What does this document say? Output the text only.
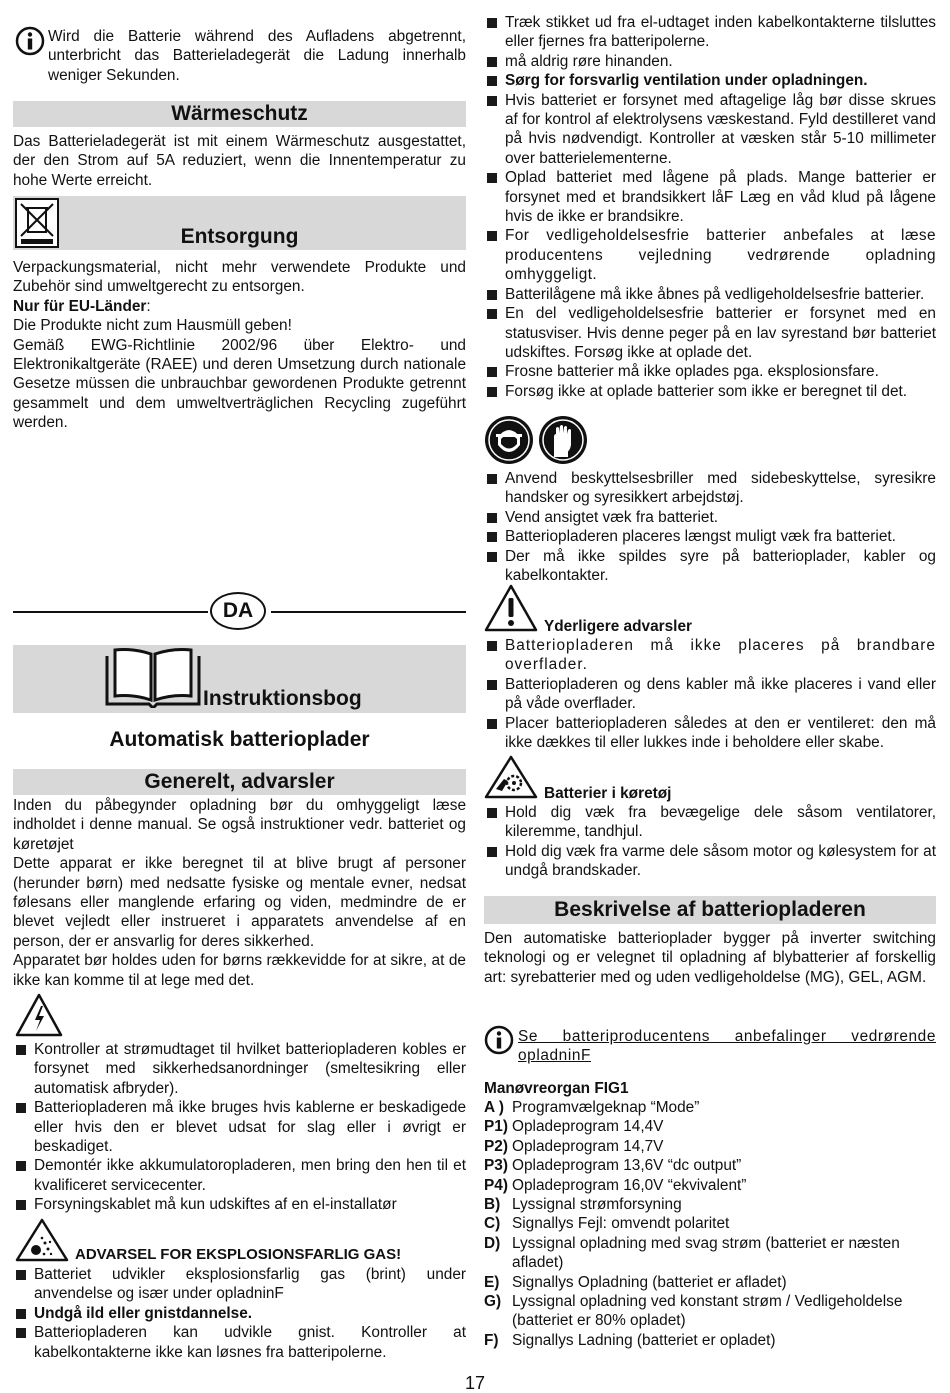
Wird die Batterie während des Aufladens abgetrennt, unterbricht das Batterieladegerät die Ladung innerhalb weniger Sekunden.

Wärmeschutz

Das Batterieladegerät ist mit einem Wärmeschutz ausgestattet, der den Strom auf 5A reduziert, wenn die Innentemperatur zu hohe Werte erreicht.

Entsorgung

Verpackungsmaterial, nicht mehr verwendete Produkte und Zubehör sind umweltgerecht zu entsorgen.

Nur für EU-Länder:

Die Produkte nicht zum Hausmüll geben!

Gemäß EWG-Richtlinie 2002/96 über Elektro- und Elektronikaltgeräte (RAEE) und deren Umsetzung durch nationale Gesetze müssen die unbrauchbar gewordenen Produkte getrennt gesammelt und dem umweltverträglichen Recycling zugeführt werden.

DA
Instruktionsbog
Automatisk batterioplader
Generelt, advarsler

Inden du påbegynder opladning bør du omhyggeligt læse indholdet i denne manual. Se også instruktioner vedr. batteriet og køretøjet

Dette apparat er ikke beregnet til at blive brugt af personer (herunder børn) med nedsatte fysiske og mentale evner, nedsat følesans eller manglende erfaring og viden, medmindre de er blevet vejledt eller instrueret i apparatets anvendelse af en person, der er ansvarlig for deres sikkerhed.

Apparatet bør holdes uden for børns rækkevidde for at sikre, at de ikke kan komme til at lege med det.

Kontroller at strømudtaget til hvilket batteriopladeren kobles er forsynet med sikkerhedsanordninger (smeltesikring eller automatisk afbryder).
Batteriopladeren må ikke bruges hvis kablerne er beskadigede eller hvis den er blevet udsat for slag eller i øvrigt er beskadiget.
Demontér ikke akkumulatoropladeren, men bring den hen til et kvalificeret servicecenter.
Forsyningskablet må kun udskiftes af en el-installatør
ADVARSEL FOR EKSPLOSIONSFARLIG GAS!
Batteriet udvikler eksplosionsfarlig gas (brint) under anvendelse og især under opladninF
Undgå ild eller gnistdannelse.
Batteriopladeren kan udvikle gnist. Kontroller at kabelkontakterne ikke kan løsnes fra batteripolerne.
Træk stikket ud fra el-udtaget inden kabelkontakterne tilsluttes eller fjernes fra batteripolerne.
må aldrig røre hinanden.
Sørg for forsvarlig ventilation under opladningen.
Hvis batteriet er forsynet med aftagelige låg bør disse skrues af for kontrol af elektrolysens væskestand. Fyld destilleret vand på hvis nødvendigt. Kontroller at væsken står 5-10 millimeter over batterielementerne.
Oplad batteriet med lågene på plads. Mange batterier er forsynet med et brandsikkert låF Læg en våd klud på lågene hvis de ikke er brandsikre.
For vedligeholdelsesfrie batterier anbefales at læse producentens vejledning vedrørende opladning omhyggeligt.
Batterilågene må ikke åbnes på vedligeholdelsesfrie batterier.
En del vedligeholdelsesfrie batterier er forsynet med en statusviser. Hvis denne peger på en lav syrestand bør batteriet udskiftes. Forsøg ikke at oplade det.
Frosne batterier må ikke oplades pga. eksplosionsfare.
Forsøg ikke at oplade batterier som ikke er beregnet til det.
Anvend beskyttelsesbriller med sidebeskyttelse, syresikre handsker og syresikkert arbejdstøj.
Vend ansigtet væk fra batteriet.
Batteriopladeren placeres længst muligt væk fra batteriet.
Der må ikke spildes syre på batterioplader, kabler og kabelkontakter.
Yderligere advarsler
Batteriopladeren må ikke placeres på brandbare overflader.
Batteriopladeren og dens kabler må ikke placeres i vand eller på våde overflader.
Placer batteriopladeren således at den er ventileret: den må ikke dækkes til eller lukkes inde i beholdere eller skabe.
Batterier i køretøj
Hold dig væk fra bevægelige dele såsom ventilatorer, kileremme, tandhjul.
Hold dig væk fra varme dele såsom motor og kølesystem for at undgå brandskader.
Beskrivelse af batteriopladeren

Den automatiske batterioplader bygger på inverter switching teknologi og er velegnet til opladning af blybatterier af forskellig art: syrebatterier med og uden vedligeholdelse (MG), GEL, AGM.

Se batteriproducentens anbefalinger vedrørende opladninF

Manøvreorgan FIG1
A ) Programvælgeknap “Mode”
P1) Opladeprogram 14,4V
P2) Opladeprogram 14,7V
P3) Opladeprogram 13,6V “dc output”
P4) Opladeprogram 16,0V “ekvivalent”
B) Lyssignal strømforsyning
C) Signallys Fejl: omvendt polaritet
D) Lyssignal opladning med svag strøm (batteriet er næsten afladet)
E) Signallys Opladning (batteriet er afladet)
G) Lyssignal opladning ved konstant strøm / Vedligeholdelse (batteriet er 80% opladet)
F) Signallys Ladning (batteriet er opladet)
17
